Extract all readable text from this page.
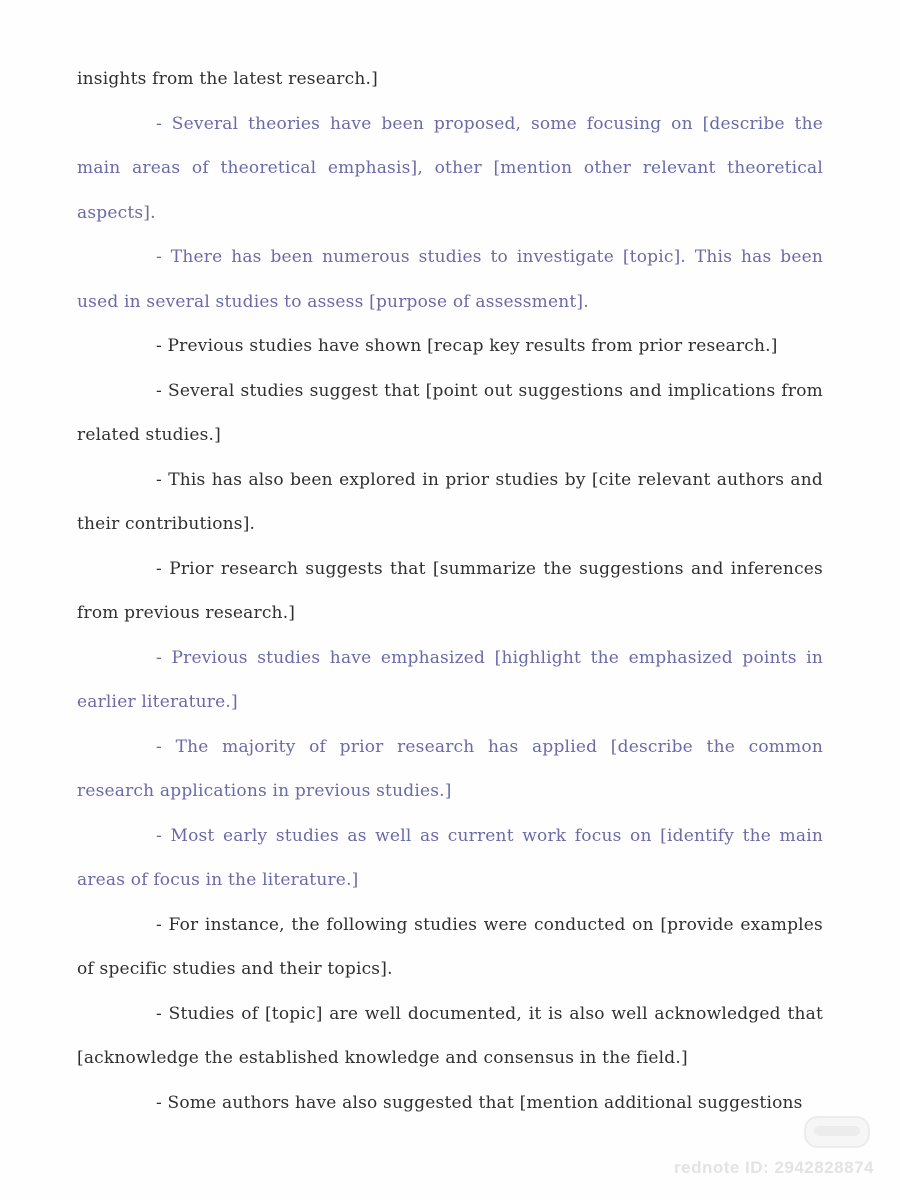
insights from the latest research.]

- Several theories have been proposed, some focusing on [describe the main areas of theoretical emphasis], other [mention other relevant theoretical aspects].

- There has been numerous studies to investigate [topic]. This has been used in several studies to assess [purpose of assessment].

- Previous studies have shown [recap key results from prior research.]

- Several studies suggest that [point out suggestions and implications from related studies.]

- This has also been explored in prior studies by [cite relevant authors and their contributions].

- Prior research suggests that [summarize the suggestions and inferences from previous research.]

- Previous studies have emphasized [highlight the emphasized points in earlier literature.]

- The majority of prior research has applied [describe the common research applications in previous studies.]

- Most early studies as well as current work focus on [identify the main areas of focus in the literature.]

- For instance, the following studies were conducted on [provide examples of specific studies and their topics].

- Studies of [topic] are well documented, it is also well acknowledged that [acknowledge the established knowledge and consensus in the field.]

- Some authors have also suggested that [mention additional suggestions

rednote ID: 2942828874
